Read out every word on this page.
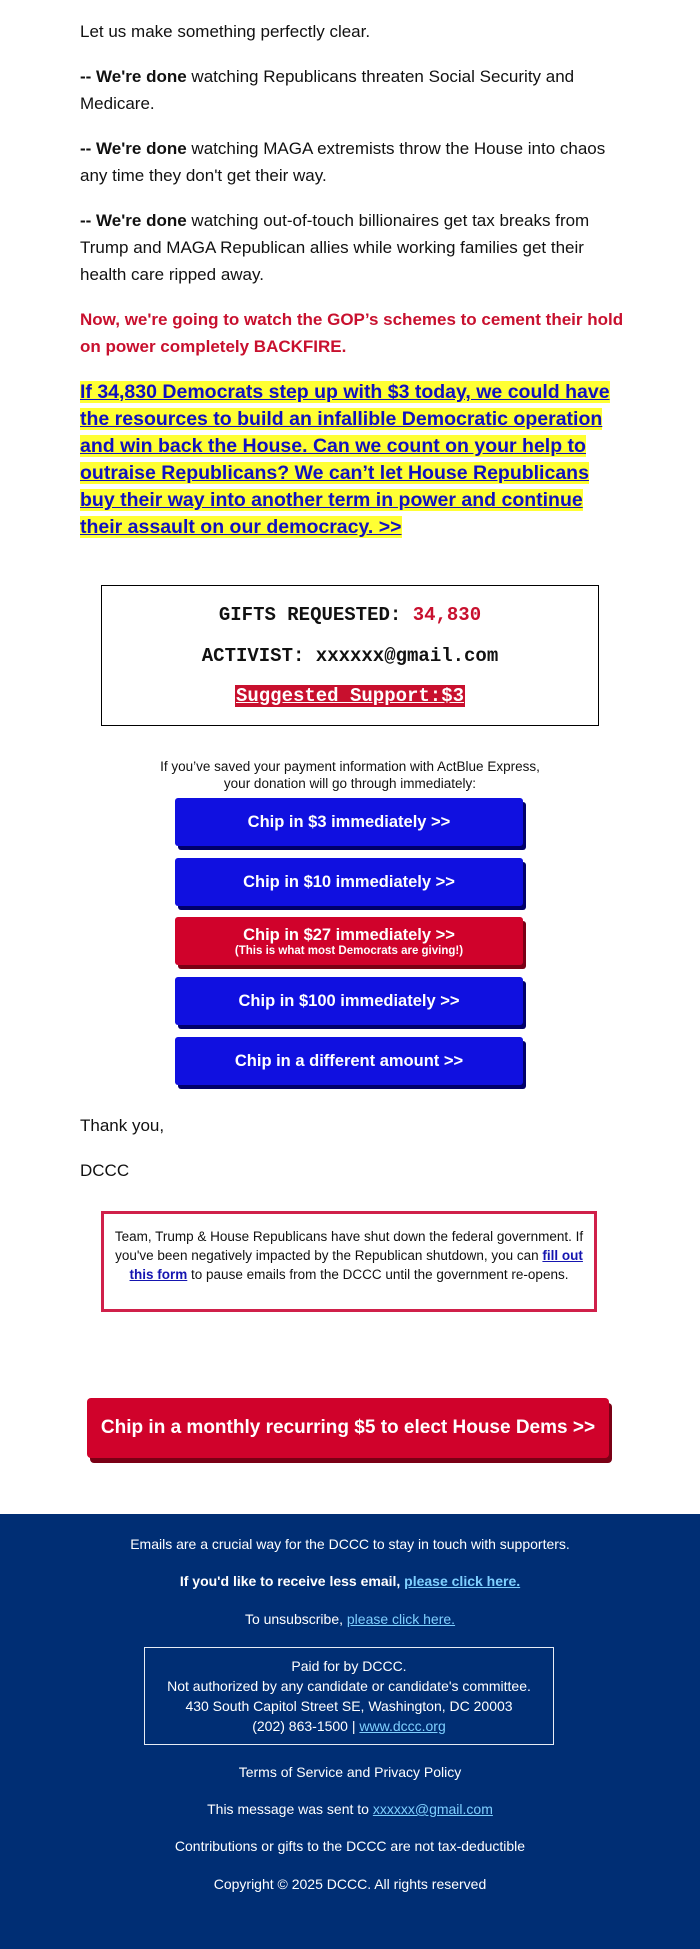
Let us make something perfectly clear.

-- We're done watching Republicans threaten Social Security and Medicare.

-- We're done watching MAGA extremists throw the House into chaos any time they don't get their way.

-- We're done watching out-of-touch billionaires get tax breaks from Trump and MAGA Republican allies while working families get their health care ripped away.

Now, we're going to watch the GOP’s schemes to cement their hold on power completely BACKFIRE.

If 34,830 Democrats step up with $3 today, we could have the resources to build an infallible Democratic operation and win back the House. Can we count on your help to outraise Republicans? We can’t let House Republicans buy their way into another term in power and continue their assault on our democracy. >>

GIFTS REQUESTED: 34,830
ACTIVIST: xxxxxx@gmail.com
Suggested Support:$3
If you’ve saved your payment information with ActBlue Express,
your donation will go through immediately:
Chip in $3 immediately >>
Chip in $10 immediately >>
Chip in $27 immediately >>
(This is what most Democrats are giving!)
Chip in $100 immediately >>
Chip in a different amount >>

Thank you,

DCCC

Team, Trump & House Republicans have shut down the federal government. If you've been negatively impacted by the Republican shutdown, you can fill out this form to pause emails from the DCCC until the government re-opens.
Chip in a monthly recurring $5 to elect House Dems >>
Emails are a crucial way for the DCCC to stay in touch with supporters.
If you'd like to receive less email, please click here.
To unsubscribe, please click here.
Paid for by DCCC.
Not authorized by any candidate or candidate's committee.
430 South Capitol Street SE, Washington, DC 20003
(202) 863-1500 | www.dccc.org
Terms of Service and Privacy Policy
This message was sent to xxxxxx@gmail.com
Contributions or gifts to the DCCC are not tax-deductible
Copyright © 2025 DCCC. All rights reserved
